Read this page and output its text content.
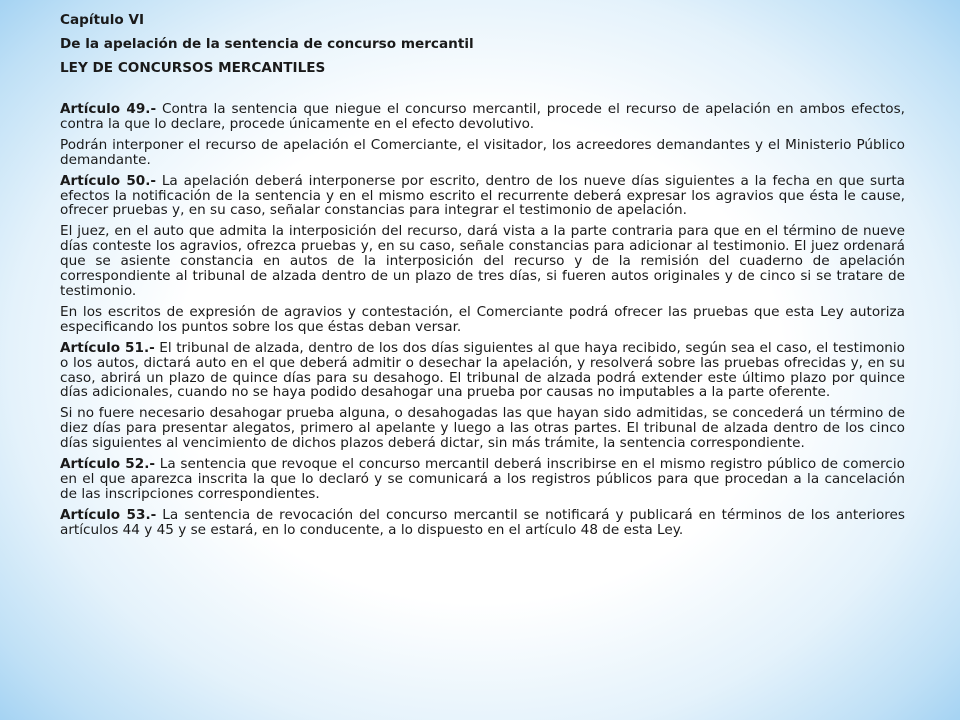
Capítulo VI
De la apelación de la sentencia de concurso mercantil
LEY DE CONCURSOS MERCANTILES

Artículo 49.- Contra la sentencia que niegue el concurso mercantil, procede el recurso de apelación en ambos efectos, contra la que lo declare, procede únicamente en el efecto devolutivo.

Podrán interponer el recurso de apelación el Comerciante, el visitador, los acreedores demandantes y el Ministerio Público demandante.

Artículo 50.- La apelación deberá interponerse por escrito, dentro de los nueve días siguientes a la fecha en que surta efectos la notificación de la sentencia y en el mismo escrito el recurrente deberá expresar los agravios que ésta le cause, ofrecer pruebas y, en su caso, señalar constancias para integrar el testimonio de apelación.

El juez, en el auto que admita la interposición del recurso, dará vista a la parte contraria para que en el término de nueve días conteste los agravios, ofrezca pruebas y, en su caso, señale constancias para adicionar al testimonio. El juez ordenará que se asiente constancia en autos de la interposición del recurso y de la remisión del cuaderno de apelación correspondiente al tribunal de alzada dentro de un plazo de tres días, si fueren autos originales y de cinco si se tratare de testimonio.

En los escritos de expresión de agravios y contestación, el Comerciante podrá ofrecer las pruebas que esta Ley autoriza especificando los puntos sobre los que éstas deban versar.

Artículo 51.- El tribunal de alzada, dentro de los dos días siguientes al que haya recibido, según sea el caso, el testimonio o los autos, dictará auto en el que deberá admitir o desechar la apelación, y resolverá sobre las pruebas ofrecidas y, en su caso, abrirá un plazo de quince días para su desahogo. El tribunal de alzada podrá extender este último plazo por quince días adicionales, cuando no se haya podido desahogar una prueba por causas no imputables a la parte oferente.

Si no fuere necesario desahogar prueba alguna, o desahogadas las que hayan sido admitidas, se concederá un término de diez días para presentar alegatos, primero al apelante y luego a las otras partes. El tribunal de alzada dentro de los cinco días siguientes al vencimiento de dichos plazos deberá dictar, sin más trámite, la sentencia correspondiente.

Artículo 52.- La sentencia que revoque el concurso mercantil deberá inscribirse en el mismo registro público de comercio en el que aparezca inscrita la que lo declaró y se comunicará a los registros públicos para que procedan a la cancelación de las inscripciones correspondientes.

Artículo 53.- La sentencia de revocación del concurso mercantil se notificará y publicará en términos de los anteriores artículos 44 y 45 y se estará, en lo conducente, a lo dispuesto en el artículo 48 de esta Ley.
